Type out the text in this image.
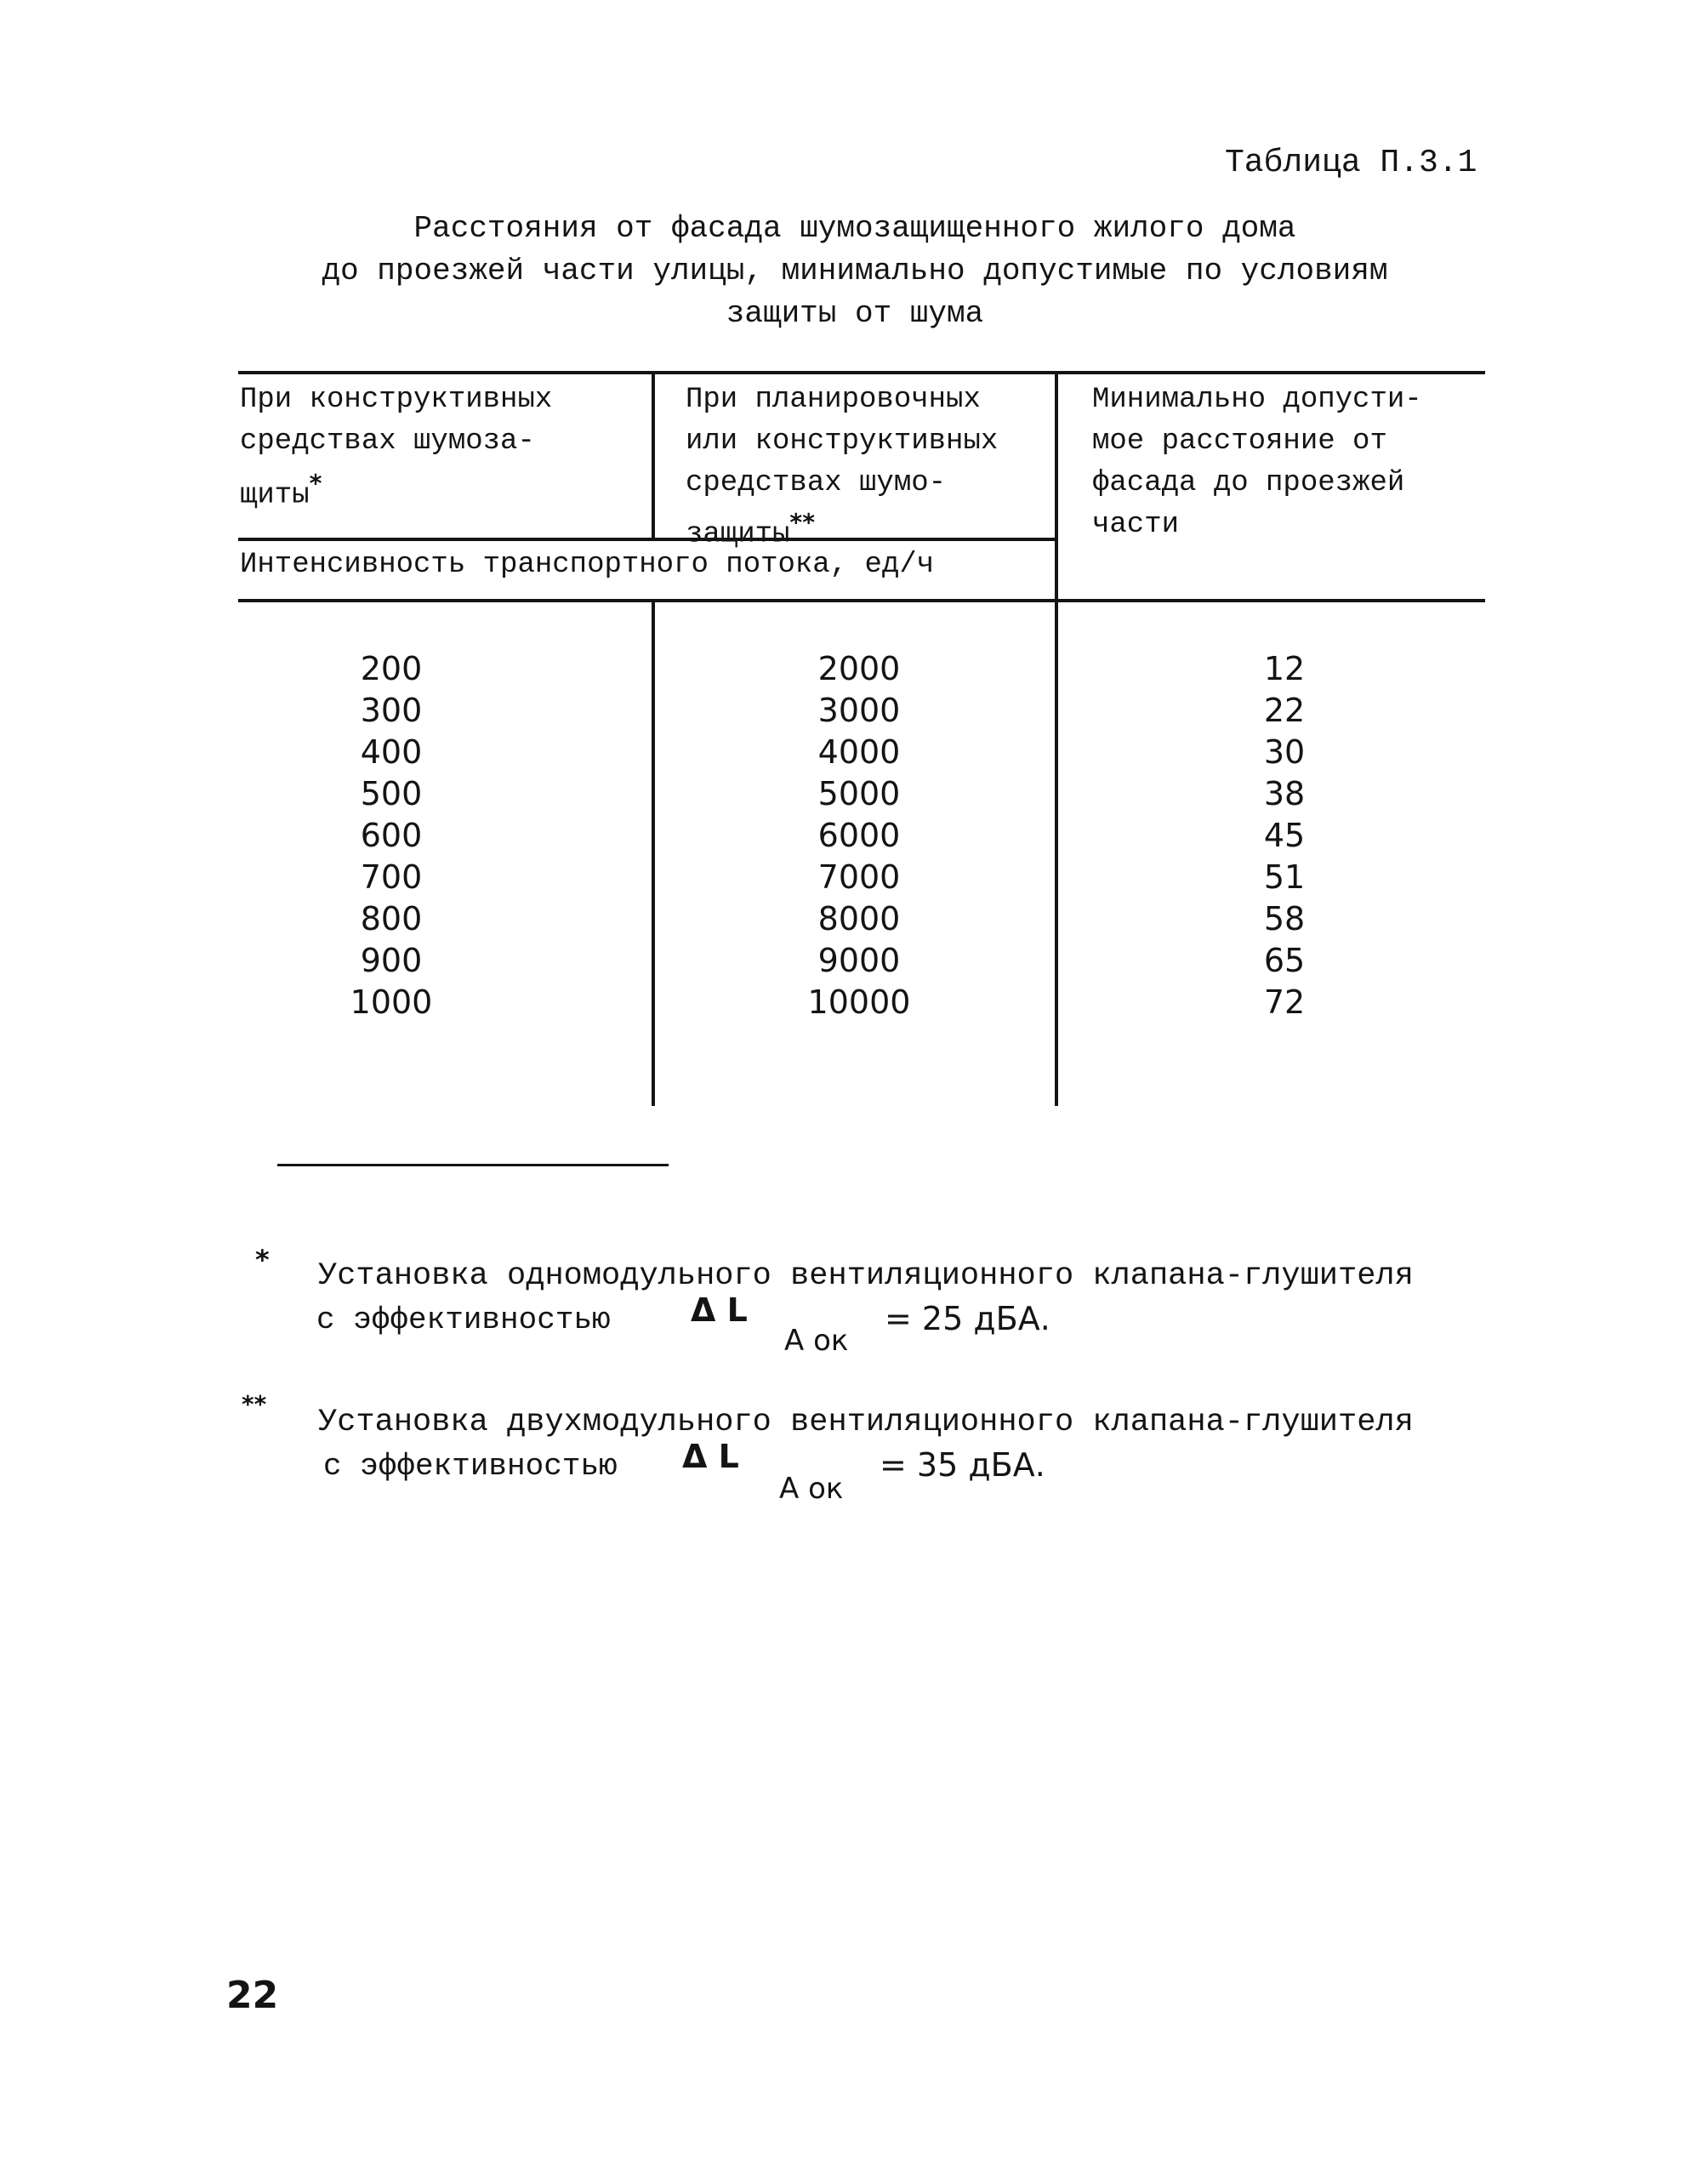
Таблица П.3.1
Расстояния от фасада шумозащищенного жилого дома
до проезжей части улицы, минимально допустимые по условиям
защиты от шума
При конструктивных
средствах шумоза-
щиты*
При планировочных
или конструктивных
средствах шумо-
защиты**
Минимально допусти-
мое расстояние от
фасада до проезжей
части
Интенсивность транспортного потока, ед/ч
200
300
400
500
600
700
800
900
1000
2000
3000
4000
5000
6000
7000
8000
9000
10000
12
22
30
38
45
51
58
65
72
* Установка одномодульного вентиляционного клапана-глушителя
с эффективностью Δ L
А ок
= 25 дБА.
**
Установка двухмодульного вентиляционного клапана-глушителя
с эффективностью Δ L
А ок
= 35 дБА.
22
